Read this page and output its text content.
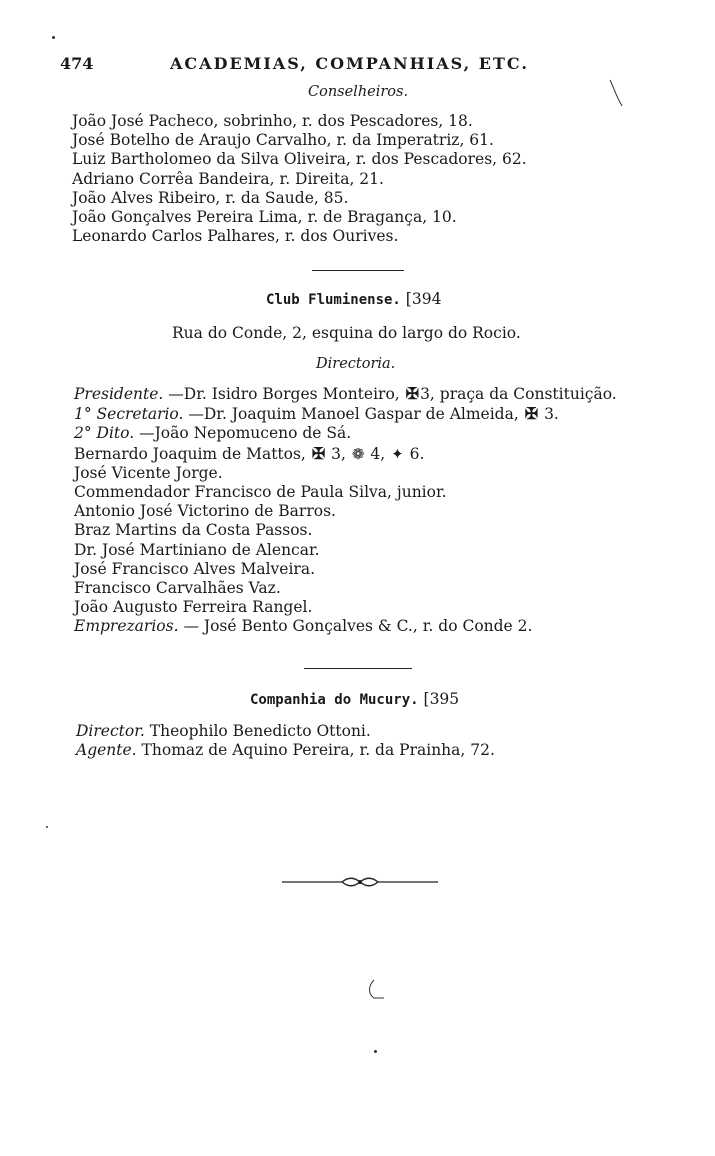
474	ACADEMIAS, COMPANHIAS, ETC.
Conselheiros.
João José Pacheco, sobrinho, r. dos Pescadores, 18.
José Botelho de Araujo Carvalho, r. da Imperatriz, 61.
Luiz Bartholomeo da Silva Oliveira, r. dos Pescadores, 62.
Adriano Corrêa Bandeira, r. Direita, 21.
João Alves Ribeiro, r. da Saude, 85.
João Gonçalves Pereira Lima, r. de Bragança, 10.
Leonardo Carlos Palhares, r. dos Ourives.
Club Fluminense. [394
Rua do Conde, 2, esquina do largo do Rocio.
Directoria.
Presidente. —Dr. Isidro Borges Monteiro, ✠3, praça da Constituição.
1° Secretario. —Dr. Joaquim Manoel Gaspar de Almeida, ✠ 3.
2° Dito. —João Nepomuceno de Sá.
Bernardo Joaquim de Mattos, ✠ 3, ❁ 4, ✦ 6.
José Vicente Jorge.
Commendador Francisco de Paula Silva, junior.
Antonio José Victorino de Barros.
Braz Martins da Costa Passos.
Dr. José Martiniano de Alencar.
José Francisco Alves Malveira.
Francisco Carvalhães Vaz.
João Augusto Ferreira Rangel.
Emprezarios. — José Bento Gonçalves & C., r. do Conde 2.
Companhia do Mucury. [395
Director. Theophilo Benedicto Ottoni.
Agente. Thomaz de Aquino Pereira, r. da Prainha, 72.
